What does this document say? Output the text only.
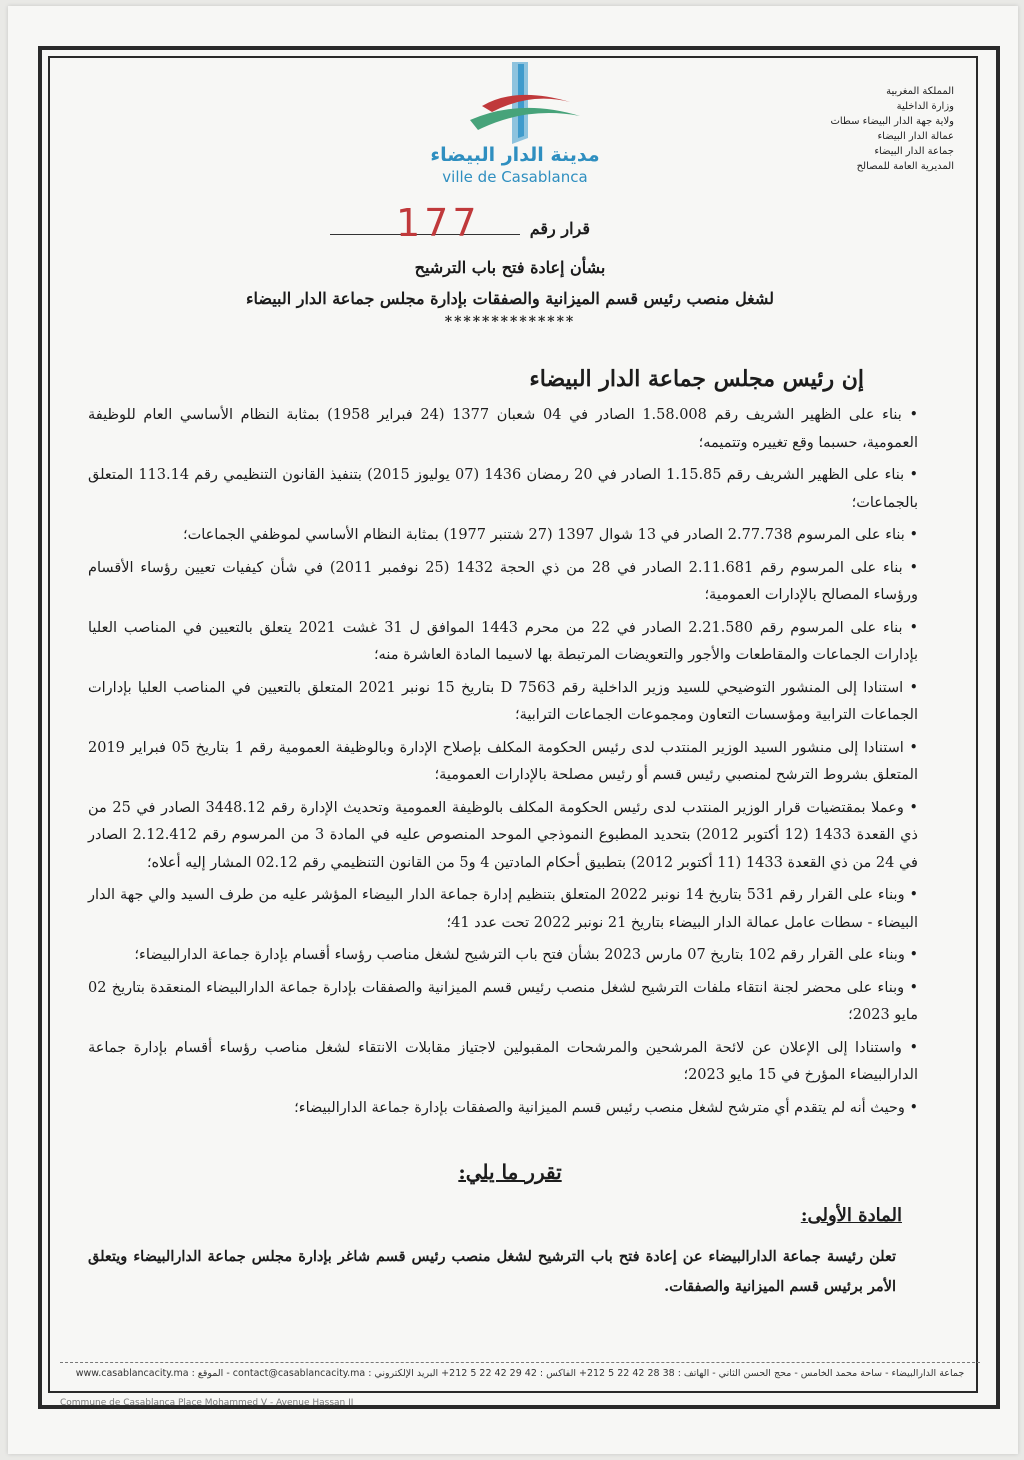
مدينة الدار البيضاء
ville de Casablanca
المملكة المغربية
وزارة الداخلية
ولاية جهة الدار البيضاء سطات
عمالة الدار البيضاء
جماعة الدار البيضاء
المديرية العامة للمصالح
177	قرار رقم
بشأن إعادة فتح باب الترشيح
لشغل منصب رئيس قسم الميزانية والصفقات بإدارة مجلس جماعة الدار البيضاء
**************
إن رئيس مجلس جماعة الدار البيضاء

• بناء على الظهير الشريف رقم 1.58.008 الصادر في 04 شعبان 1377 (24 فبراير 1958) بمثابة النظام الأساسي العام للوظيفة العمومية، حسبما وقع تغييره وتتميمه؛

• بناء على الظهير الشريف رقم 1.15.85 الصادر في 20 رمضان 1436 (07 يوليوز 2015) بتنفيذ القانون التنظيمي رقم 113.14 المتعلق بالجماعات؛

• بناء على المرسوم 2.77.738 الصادر في 13 شوال 1397 (27 شتنبر 1977) بمثابة النظام الأساسي لموظفي الجماعات؛

• بناء على المرسوم رقم 2.11.681 الصادر في 28 من ذي الحجة 1432 (25 نوفمبر 2011) في شأن كيفيات تعيين رؤساء الأقسام ورؤساء المصالح بالإدارات العمومية؛

• بناء على المرسوم رقم 2.21.580 الصادر في 22 من محرم 1443 الموافق ل 31 غشت 2021 يتعلق بالتعيين في المناصب العليا بإدارات الجماعات والمقاطعات والأجور والتعويضات المرتبطة بها لاسيما المادة العاشرة منه؛

• استنادا إلى المنشور التوضيحي للسيد وزير الداخلية رقم D 7563 بتاريخ 15 نونبر 2021 المتعلق بالتعيين في المناصب العليا بإدارات الجماعات الترابية ومؤسسات التعاون ومجموعات الجماعات الترابية؛

• استنادا إلى منشور السيد الوزير المنتدب لدى رئيس الحكومة المكلف بإصلاح الإدارة وبالوظيفة العمومية رقم 1 بتاريخ 05 فبراير 2019 المتعلق بشروط الترشح لمنصبي رئيس قسم أو رئيس مصلحة بالإدارات العمومية؛

• وعملا بمقتضيات قرار الوزير المنتدب لدى رئيس الحكومة المكلف بالوظيفة العمومية وتحديث الإدارة رقم 3448.12 الصادر في 25 من ذي القعدة 1433 (12 أكتوبر 2012) بتحديد المطبوع النموذجي الموحد المنصوص عليه في المادة 3 من المرسوم رقم 2.12.412 الصادر في 24 من ذي القعدة 1433 (11 أكتوبر 2012) بتطبيق أحكام المادتين 4 و5 من القانون التنظيمي رقم 02.12 المشار إليه أعلاه؛

• وبناء على القرار رقم 531 بتاريخ 14 نونبر 2022 المتعلق بتنظيم إدارة جماعة الدار البيضاء المؤشر عليه من طرف السيد والي جهة الدار البيضاء - سطات عامل عمالة الدار البيضاء بتاريخ 21 نونبر 2022 تحت عدد 41؛

• وبناء على القرار رقم 102 بتاريخ 07 مارس 2023 بشأن فتح باب الترشيح لشغل مناصب رؤساء أقسام بإدارة جماعة الدارالبيضاء؛

• وبناء على محضر لجنة انتقاء ملفات الترشيح لشغل منصب رئيس قسم الميزانية والصفقات بإدارة جماعة الدارالبيضاء المنعقدة بتاريخ 02 مايو 2023؛

• واستنادا إلى الإعلان عن لائحة المرشحين والمرشحات المقبولين لاجتياز مقابلات الانتقاء لشغل مناصب رؤساء أقسام بإدارة جماعة الدارالبيضاء المؤرخ في 15 مايو 2023؛

• وحيث أنه لم يتقدم أي مترشح لشغل منصب رئيس قسم الميزانية والصفقات بإدارة جماعة الدارالبيضاء؛

تقرر ما يلي:
المادة الأولى:
تعلن رئيسة جماعة الدارالبيضاء عن إعادة فتح باب الترشيح لشغل منصب رئيس قسم شاغر بإدارة مجلس جماعة الدارالبيضاء ويتعلق الأمر برئيس قسم الميزانية والصفقات.
جماعة الدارالبيضاء - ساحة محمد الخامس - محج الحسن الثاني - الهاتف : 38 28 42 22 5 212+ الفاكس : 42 29 42 22 5 212+ البريد الإلكتروني : contact@casablancacity.ma - الموقع : www.casablancacity.ma
Commune de Casablanca Place Mohammed V - Avenue Hassan II
